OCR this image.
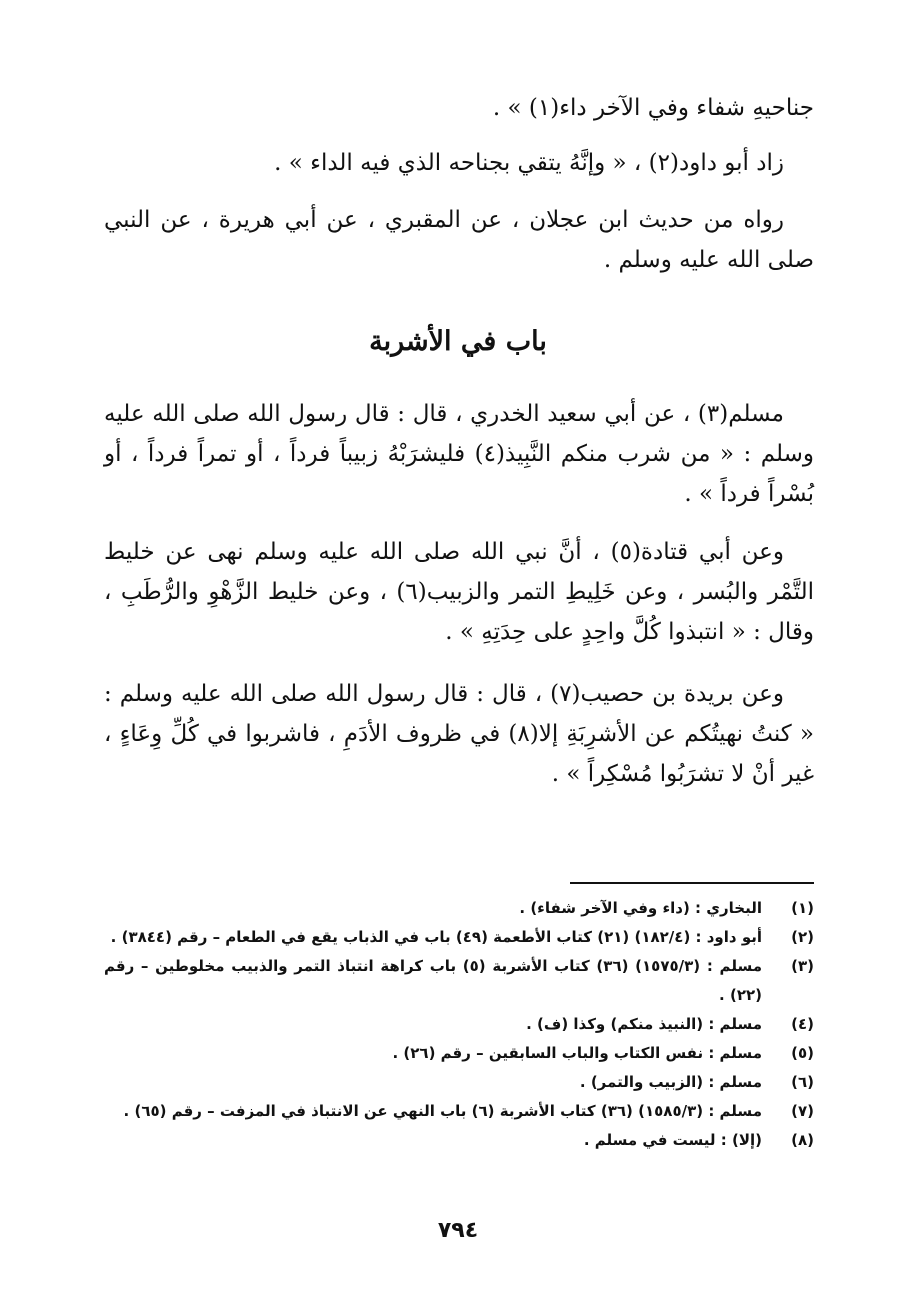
جناحيهِ شفاء وفي الآخر داء(١) » .

زاد أبو داود(٢) ، « وإنَّهُ يتقي بجناحه الذي فيه الداء » .

رواه من حديث ابن عجلان ، عن المقبري ، عن أبي هريرة ، عن النبي صلى الله عليه وسلم .

باب في الأشربة

مسلم(٣) ، عن أبي سعيد الخدري ، قال : قال رسول الله صلى الله عليه وسلم : « من شرب منكم النَّبِيذ(٤) فليشرَبْهُ زبيباً فرداً ، أو تمراً فرداً ، أو بُسْراً فرداً » .

وعن أبي قتادة(٥) ، أنَّ نبي الله صلى الله عليه وسلم نهى عن خليط التَّمْر والبُسر ، وعن خَلِيطِ التمر والزبيب(٦) ، وعن خليط الزَّهْوِ والرُّطَبِ ، وقال : « انتبذوا كُلَّ واحِدٍ على حِدَتِهِ » .

وعن بريدة بن حصيب(٧) ، قال : قال رسول الله صلى الله عليه وسلم : « كنتُ نهيتُكم عن الأشرِبَةِ إلا(٨) في ظروف الأدَمِ ، فاشربوا في كُلِّ وِعَاءٍ ، غير أنْ لا تشرَبُوا مُسْكِراً » .

(١)
البخاري : (داء وفي الآخر شفاء) .
(٢)
أبو داود : (١٨٢/٤) (٢١) كتاب الأطعمة (٤٩) باب في الذباب يقع في الطعام – رقم (٣٨٤٤) .
(٣)
مسلم : (١٥٧٥/٣) (٣٦) كتاب الأشربة (٥) باب كراهة انتباذ التمر والذبيب مخلوطين – رقم (٢٢) .
(٤)
مسلم : (النبيذ منكم) وكذا (ف) .
(٥)
مسلم : نفس الكتاب والباب السابقين – رقم (٢٦) .
(٦)
مسلم : (الزبيب والتمر) .
(٧)
مسلم : (١٥٨٥/٣) (٣٦) كتاب الأشربة (٦) باب النهي عن الانتباذ في المزفت – رقم (٦٥) .
(٨)
(إلا) : ليست في مسلم .
٧٩٤
